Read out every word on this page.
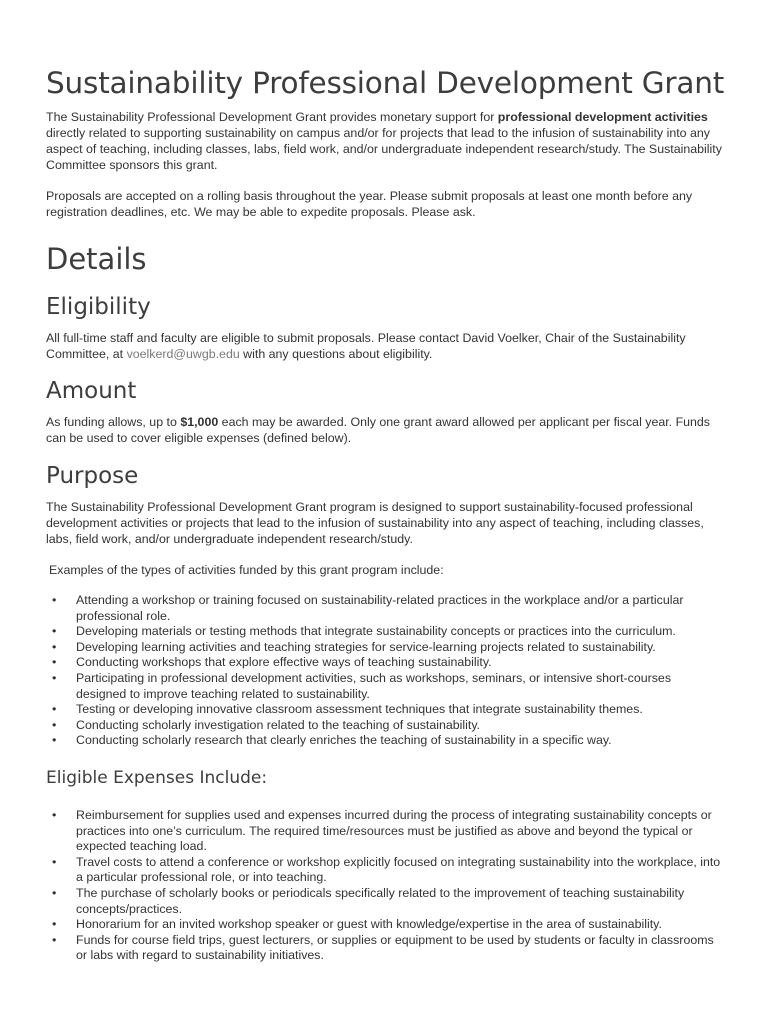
Sustainability Professional Development Grant

The Sustainability Professional Development Grant provides monetary support for professional development activities directly related to supporting sustainability on campus and/or for projects that lead to the infusion of sustainability into any aspect of teaching, including classes, labs, field work, and/or undergraduate independent research/study. The Sustainability Committee sponsors this grant.

Proposals are accepted on a rolling basis throughout the year. Please submit proposals at least one month before any registration deadlines, etc. We may be able to expedite proposals. Please ask.

Details
Eligibility

All full-time staff and faculty are eligible to submit proposals. Please contact David Voelker, Chair of the Sustainability Committee, at voelkerd@uwgb.edu with any questions about eligibility.

Amount

As funding allows, up to $1,000 each may be awarded. Only one grant award allowed per applicant per fiscal year. Funds can be used to cover eligible expenses (defined below).

Purpose

The Sustainability Professional Development Grant program is designed to support sustainability-focused professional development activities or projects that lead to the infusion of sustainability into any aspect of teaching, including classes, labs, field work, and/or undergraduate independent research/study.

Examples of the types of activities funded by this grant program include:

• Attending a workshop or training focused on sustainability-related practices in the workplace and/or a particular professional role.
• Developing materials or testing methods that integrate sustainability concepts or practices into the curriculum.
• Developing learning activities and teaching strategies for service-learning projects related to sustainability.
• Conducting workshops that explore effective ways of teaching sustainability.
• Participating in professional development activities, such as workshops, seminars, or intensive short-courses designed to improve teaching related to sustainability.
• Testing or developing innovative classroom assessment techniques that integrate sustainability themes.
• Conducting scholarly investigation related to the teaching of sustainability.
• Conducting scholarly research that clearly enriches the teaching of sustainability in a specific way.
Eligible Expenses Include:
• Reimbursement for supplies used and expenses incurred during the process of integrating sustainability concepts or practices into one’s curriculum. The required time/resources must be justified as above and beyond the typical or expected teaching load.
• Travel costs to attend a conference or workshop explicitly focused on integrating sustainability into the workplace, into a particular professional role, or into teaching.
• The purchase of scholarly books or periodicals specifically related to the improvement of teaching sustainability concepts/practices.
• Honorarium for an invited workshop speaker or guest with knowledge/expertise in the area of sustainability.
• Funds for course field trips, guest lecturers, or supplies or equipment to be used by students or faculty in classrooms or labs with regard to sustainability initiatives.
